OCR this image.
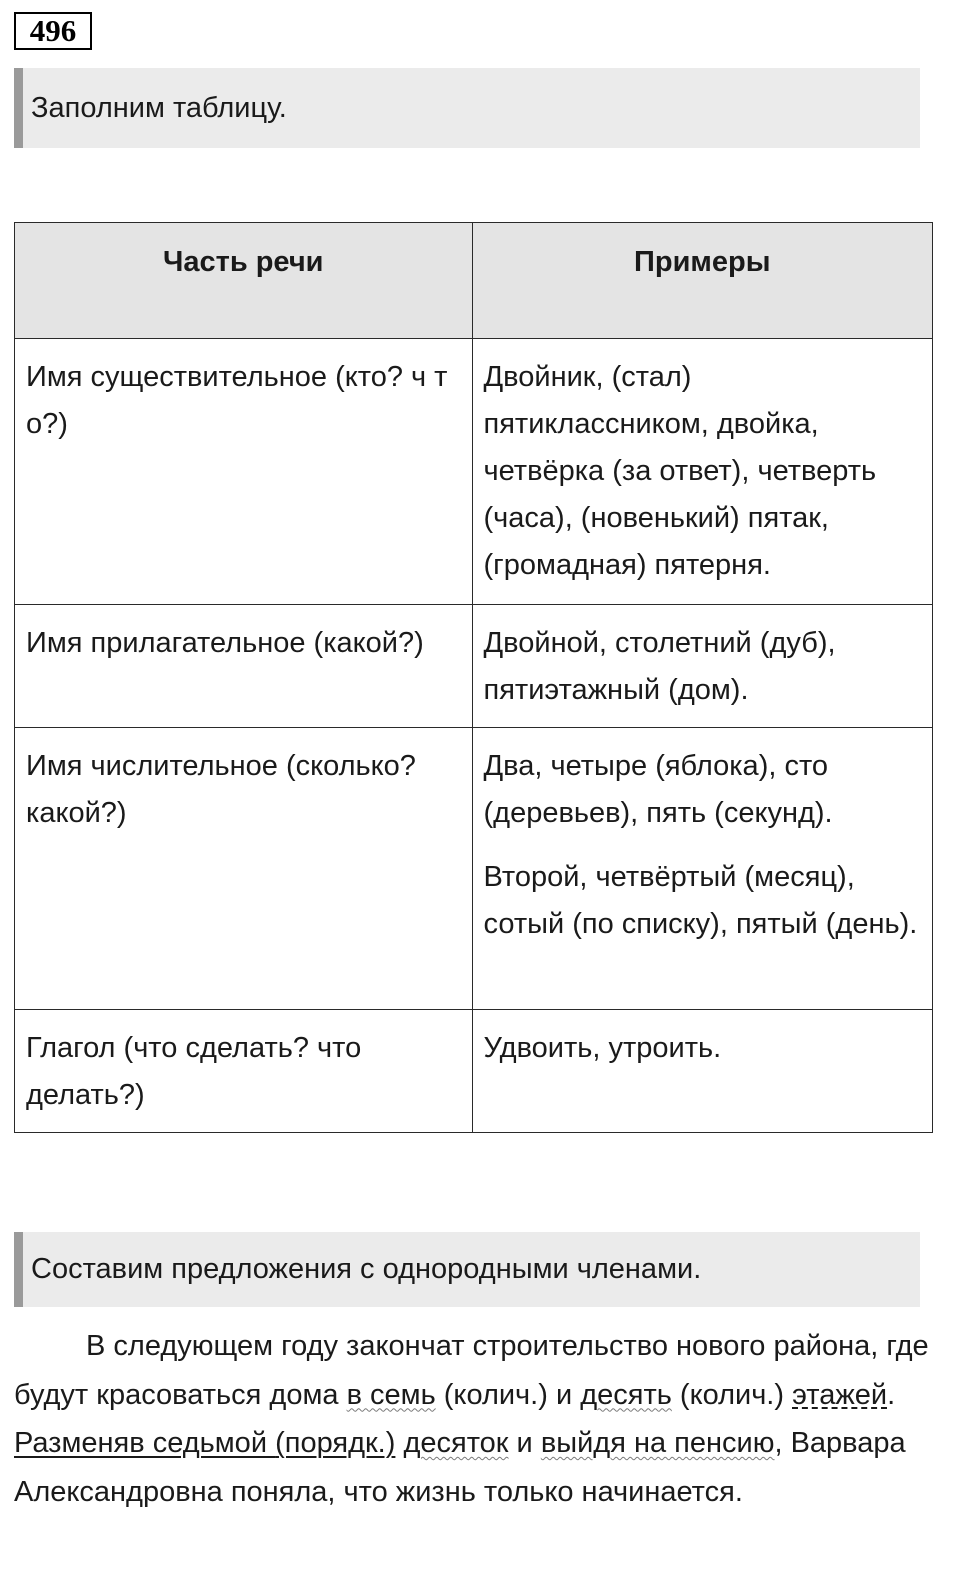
496
Заполним таблицу.
Часть речи	Примеры
Имя существительное (кто? ч т о?)	Двойник, (стал) пятиклассником, двойка, четвёрка (за ответ), четверть (часа), (новенький) пятак, (громадная) пятерня.

Имя прилагательное (какой?)	Двойной, столетний (дуб), пятиэтажный (дом).

Имя числительное (сколько? какой?)	Два, четыре (яблока), сто (деревьев), пять (секунд).
Второй, четвёртый (месяц), сотый (по списку), пятый (день).

Глагол (что сделать? что делать?)	Удвоить, утроить.
Составим предложения с однородными членами.

В следующем году закончат строительство нового района, где будут красоваться дома в семь (колич.) и десять (колич.) этажей. Разменяв седьмой (порядк.) десяток и выйдя на пенсию, Варвара Александровна поняла, что жизнь только начинается.
